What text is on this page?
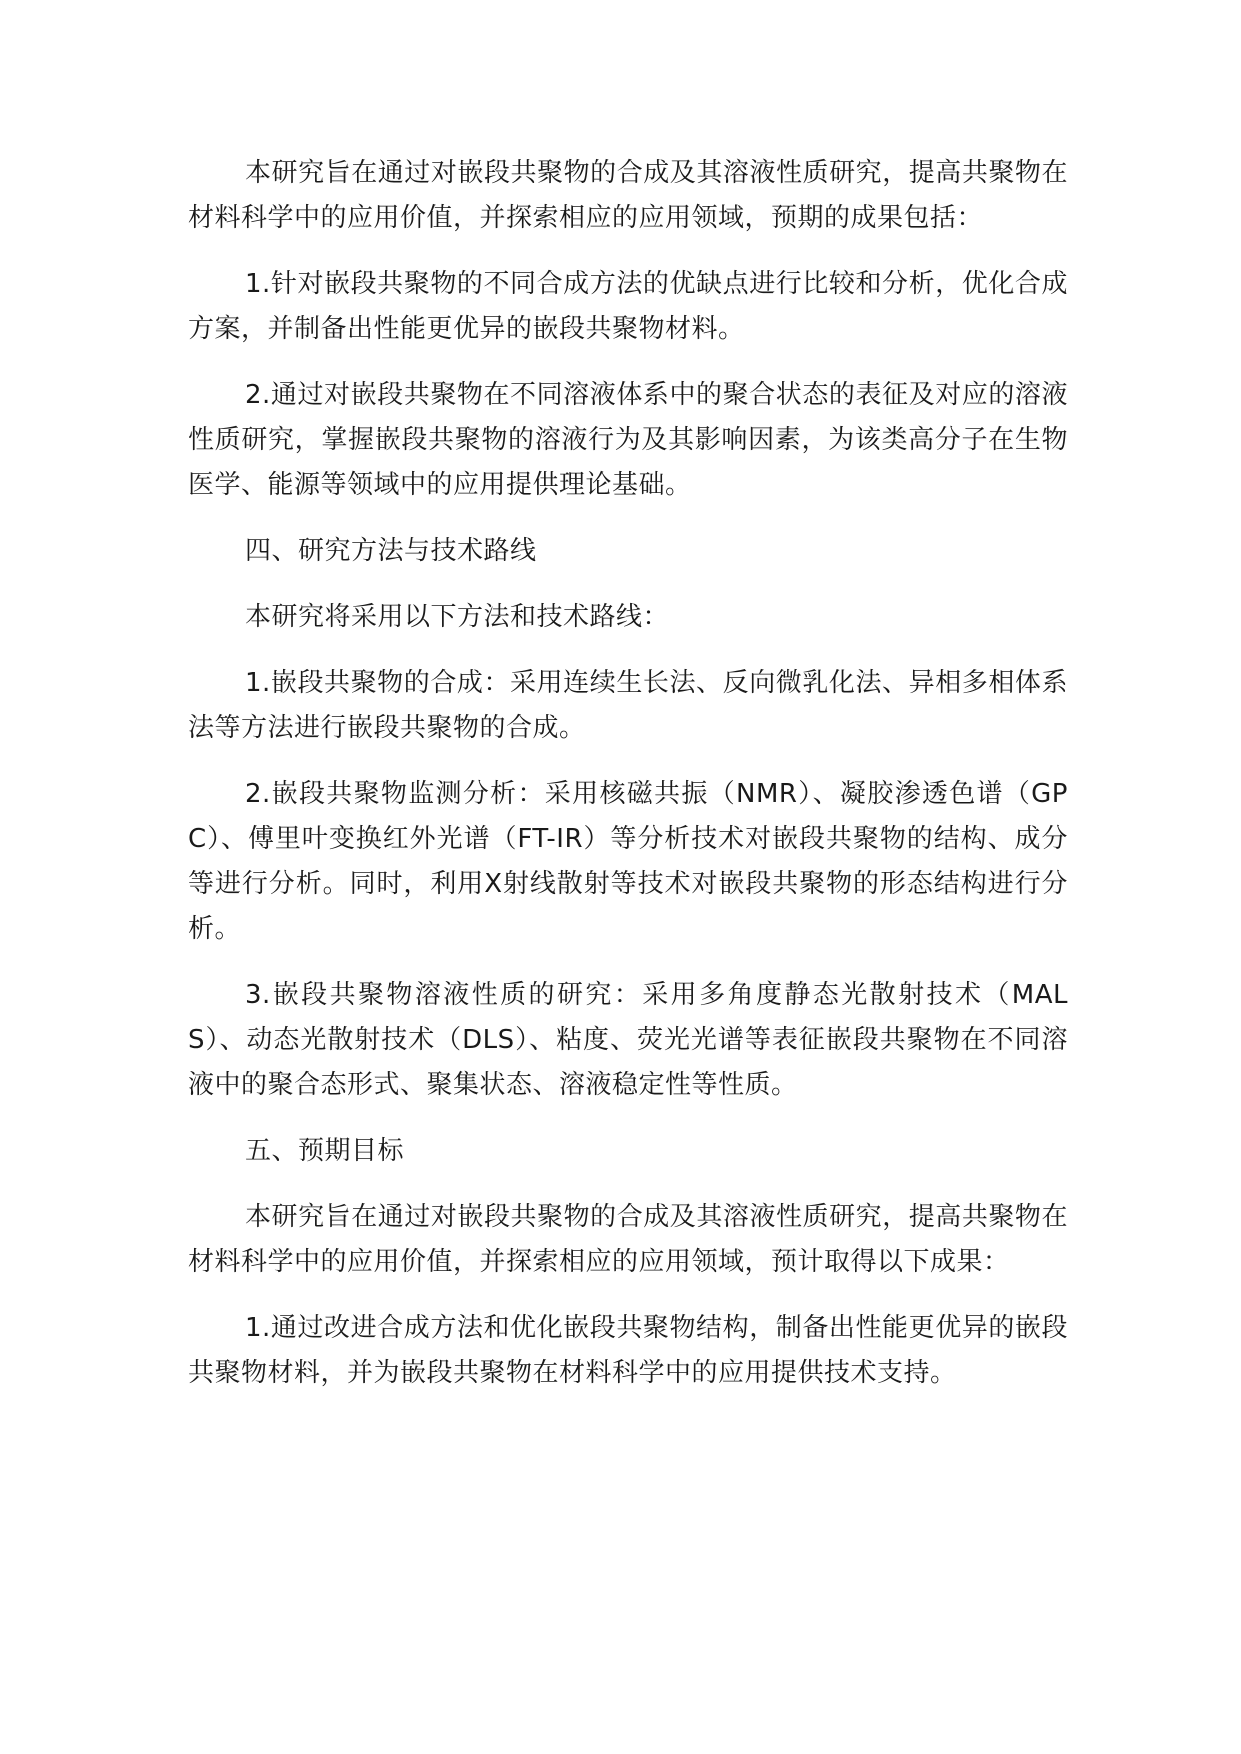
本研究旨在通过对嵌段共聚物的合成及其溶液性质研究，提高共聚物在材料科学中的应用价值，并探索相应的应用领域，预期的成果包括：

1.针对嵌段共聚物的不同合成方法的优缺点进行比较和分析，优化合成方案，并制备出性能更优异的嵌段共聚物材料。

2.通过对嵌段共聚物在不同溶液体系中的聚合状态的表征及对应的溶液性质研究，掌握嵌段共聚物的溶液行为及其影响因素，为该类高分子在生物医学、能源等领域中的应用提供理论基础。

四、研究方法与技术路线

本研究将采用以下方法和技术路线：

1.嵌段共聚物的合成：采用连续生长法、反向微乳化法、异相多相体系法等方法进行嵌段共聚物的合成。

2.嵌段共聚物监测分析：采用核磁共振（NMR）、凝胶渗透色谱（GPC）、傅里叶变换红外光谱（FT-IR）等分析技术对嵌段共聚物的结构、成分等进行分析。同时，利用X射线散射等技术对嵌段共聚物的形态结构进行分析。

3.嵌段共聚物溶液性质的研究：采用多角度静态光散射技术（MALS）、动态光散射技术（DLS）、粘度、荧光光谱等表征嵌段共聚物在不同溶液中的聚合态形式、聚集状态、溶液稳定性等性质。

五、预期目标

本研究旨在通过对嵌段共聚物的合成及其溶液性质研究，提高共聚物在材料科学中的应用价值，并探索相应的应用领域，预计取得以下成果：

1.通过改进合成方法和优化嵌段共聚物结构，制备出性能更优异的嵌段共聚物材料，并为嵌段共聚物在材料科学中的应用提供技术支持。
